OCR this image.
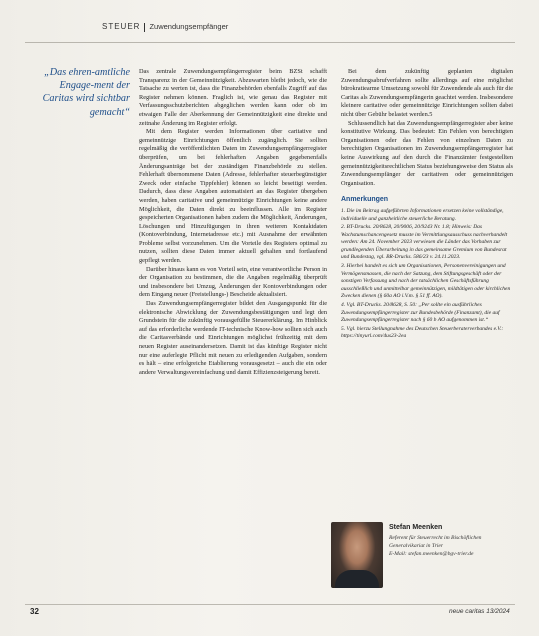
STEUER Zuwendungsempfänger
„Das ehren-amtliche Engage-ment der Caritas wird sichtbar gemacht“

Das zentrale Zuwendungsempfängerregister beim BZSt schafft Transparenz in der Gemeinnützigkeit. Abzuwarten bleibt jedoch, wie die Tatsache zu werten ist, dass die Finanzbehörden ebenfalls Zugriff auf das Register nehmen können. Fraglich ist, wie genau das Register mit Verfassungsschutzberichten abgeglichen werden kann oder ob im etwaigen Falle der Aberkennung der Gemeinnützigkeit eine direkte und zeitnahe Änderung im Register erfolgt.

Mit dem Register werden Informationen über caritative und gemeinnützige Einrichtungen öffentlich zugänglich. Sie sollten regelmäßig die veröffentlichten Daten im Zuwendungsempfängerregister überprüfen, um bei fehlerhaften Angaben gegebenenfalls Änderungsanträge bei der zuständigen Finanzbehörde zu stellen. Fehlerhaft übernommene Daten (Adresse, fehlerhafter steuerbegünstigter Zweck oder einfache Tippfehler) können so leicht beseitigt werden. Dadurch, dass diese Angaben automatisiert an das Register übergeben werden, haben caritative und gemeinnützige Einrichtungen keine andere Möglichkeit, die Daten direkt zu beeinflussen. Alle im Register gespeicherten Organisationen haben zudem die Möglichkeit, Änderungen, Löschungen und Hinzufügungen in ihren weiteren Kontaktdaten (Kontoverbindung, Internetadresse etc.) mit Ausnahme der erwähnten Probleme selbst vorzunehmen. Um die Vorteile des Registers optimal zu nutzen, sollten diese Daten immer aktuell gehalten und fortlaufend gepflegt werden.

Darüber hinaus kann es von Vorteil sein, eine verantwortliche Person in der Organisation zu bestimmen, die die Angaben regelmäßig überprüft und insbesondere bei Umzug, Änderungen der Kontoverbindungen oder dem Eingang neuer (Freistellungs-) Bescheide aktualisiert.

Das Zuwendungsempfängerregister bildet den Ausgangspunkt für die elektronische Abwicklung der Zuwendungsbestätigungen und legt den Grundstein für die zukünftig vorausgefüllte Steuererklärung. Im Hinblick auf das erforderliche werdende IT-technische Know-how sollten sich auch die Caritasverbände und Einrichtungen möglichst frühzeitig mit dem neuen Register auseinandersetzen. Damit ist das künftige Register nicht nur eine auferlegte Pflicht mit neuen zu erledigenden Aufgaben, sondern es hält – eine erfolgreiche Etablierung vorausgesetzt – auch die ein oder andere Verwaltungsvereinfachung und damit Effizienzsteigerung bereit.

Bei dem zukünftig geplanten digitalen Zuwendungsabrufverfahren sollte allerdings auf eine möglichst bürokratiearme Umsetzung sowohl für Zuwendende als auch für die Caritas als Zuwendungsempfängerin geachtet werden. Insbesondere kleinere caritative oder gemeinnützige Einrichtungen sollten dabei nicht über Gebühr belastet werden.5

Schlussendlich hat das Zuwendungsempfängerregister aber keine konstitutive Wirkung. Das bedeutet: Ein Fehlen von berechtigten Organisationen oder das Fehlen von einzelnen Daten zu berechtigten Organisationen im Zuwendungsempfängerregister hat keine Auswirkung auf den durch die Finanzämter festgestellten gemeinnützigkeitsrechtlichen Status beziehungsweise den Status als Zuwendungsempfänger der caritativen oder gemeinnützigen Organisation.

Anmerkungen
1. Die im Beitrag aufgeführten Informationen ersetzen keine vollständige, individuelle und ganzheitliche steuerliche Beratung.
2. BT-Drucks. 20/8628, 20/9006, 20/9243 Nr. 1.8; Hinweis: Das Wachstumschancengesetz musste im Vermittlungsausschuss nachverhandelt werden: Am 24. November 2023 verwiesen die Länder das Vorhaben zur grundlegenden Überarbeitung in das gemeinsame Gremium von Bundesrat und Bundestag, vgl. BR-Drucks. 586/23 v. 24.11.2023.
3. Hierbei handelt es sich um Organisationen, Personenvereinigungen und Vermögensmassen, die nach der Satzung, dem Stiftungsgeschäft oder der sonstigen Verfassung und nach der tatsächlichen Geschäftsführung ausschließlich und unmittelbar gemeinnützigen, mildtätigen oder kirchlichen Zwecken dienen (§ 60a AO i.V.m. § 51 ff. AO).
4. Vgl. BT-Drucks. 20/8628, S. 50: „Per sollte ein ausführliches Zuwendungsempfängerregister zur Bundesbehörde (Finanzamt), die auf Zuwendungsempfängerregister nach § 60 b AO aufgenommen ist.“
5. Vgl. hierzu Stellungnahme des Deutschen Steuerberaterverbandes e.V.: https://tinyurl.com/4us23-2ea
Stefan Meenken
Referent für Steuerrecht im Bischöflichen
Generalvikariat in Trier
E-Mail: stefan.meenken@bgv-trier.de
32	neue caritas 13/2024
